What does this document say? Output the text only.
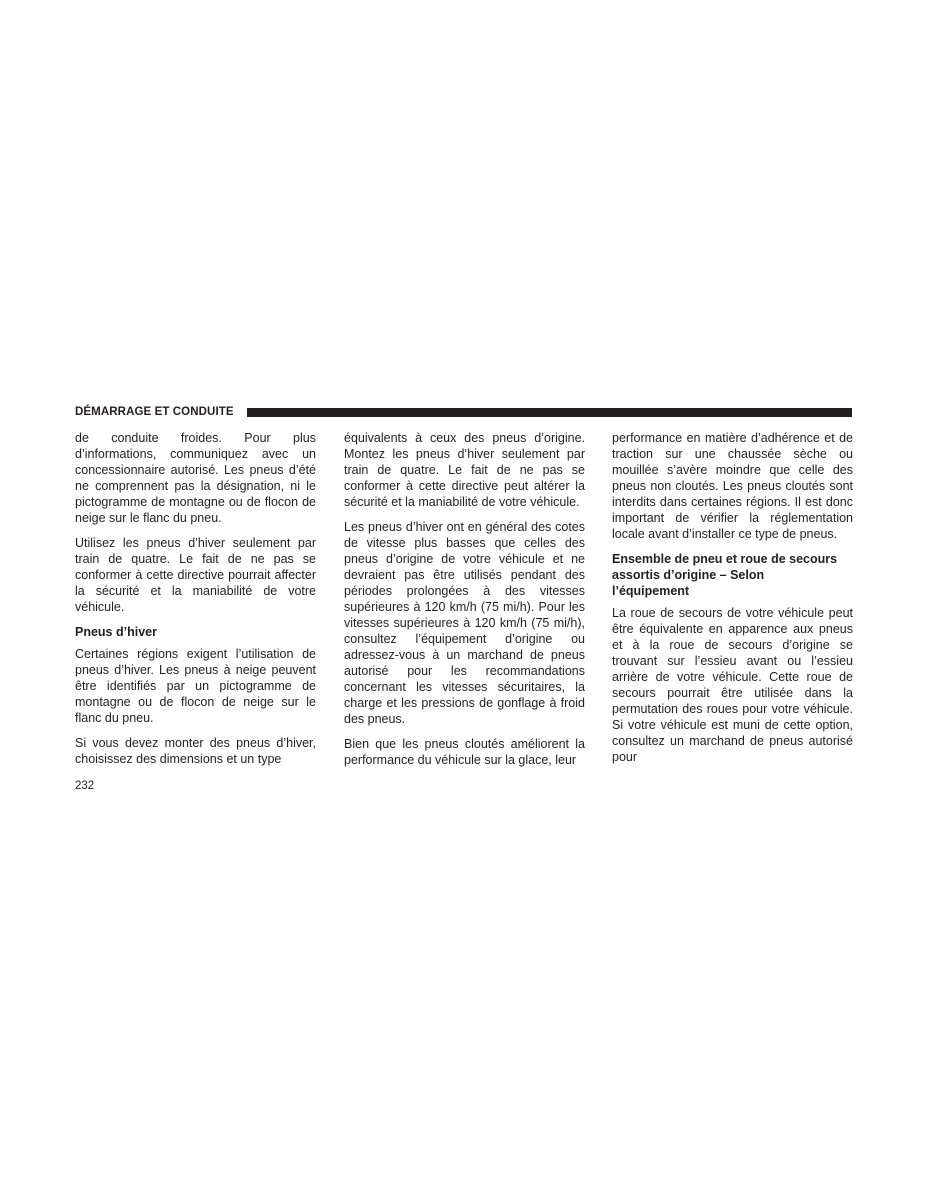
DÉMARRAGE ET CONDUITE

de conduite froides. Pour plus d’informations, communiquez avec un concessionnaire autorisé. Les pneus d’été ne comprennent pas la désignation, ni le pictogramme de montagne ou de flocon de neige sur le flanc du pneu.

Utilisez les pneus d’hiver seulement par train de quatre. Le fait de ne pas se conformer à cette directive pourrait affecter la sécurité et la maniabilité de votre véhicule.

Pneus d’hiver

Certaines régions exigent l’utilisation de pneus d’hiver. Les pneus à neige peuvent être identifiés par un pictogramme de montagne ou de flocon de neige sur le flanc du pneu.

Si vous devez monter des pneus d’hiver, choisissez des dimensions et un type

équivalents à ceux des pneus d’origine. Montez les pneus d’hiver seulement par train de quatre. Le fait de ne pas se conformer à cette directive peut altérer la sécurité et la maniabilité de votre véhicule.

Les pneus d’hiver ont en général des cotes de vitesse plus basses que celles des pneus d’origine de votre véhicule et ne devraient pas être utilisés pendant des périodes prolongées à des vitesses supérieures à 120 km/h (75 mi/h). Pour les vitesses supérieures à 120 km/h (75 mi/h), consultez l’équipement d’origine ou adressez-vous à un marchand de pneus autorisé pour les recommandations concernant les vitesses sécuritaires, la charge et les pressions de gonflage à froid des pneus.

Bien que les pneus cloutés améliorent la performance du véhicule sur la glace, leur

performance en matière d’adhérence et de traction sur une chaussée sèche ou mouillée s’avère moindre que celle des pneus non cloutés. Les pneus cloutés sont interdits dans certaines régions. Il est donc important de vérifier la réglementation locale avant d’installer ce type de pneus.

Ensemble de pneu et roue de secours
assortis d’origine – Selon
l’équipement

La roue de secours de votre véhicule peut être équivalente en apparence aux pneus et à la roue de secours d’origine se trouvant sur l’essieu avant ou l’essieu arrière de votre véhicule. Cette roue de secours pourrait être utilisée dans la permutation des roues pour votre véhicule. Si votre véhicule est muni de cette option, consultez un marchand de pneus autorisé pour

232
